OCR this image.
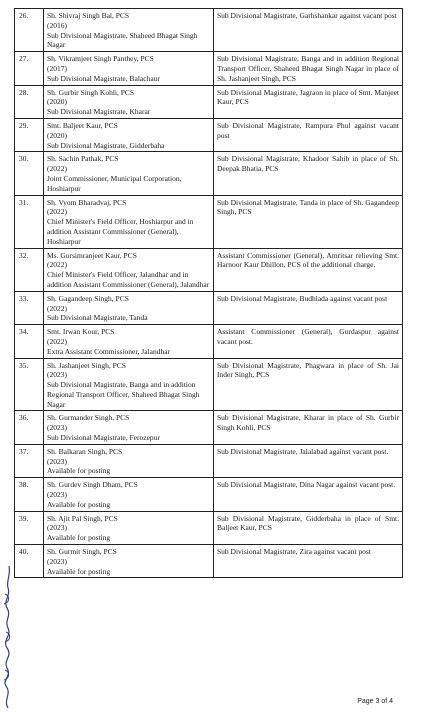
26.	Sh. Shivraj Singh Bal, PCS
(2016)
Sub Divisional Magistrate, Shaheed Bhagat Singh Nagar	Sub Divisional Magistrate, Garhshankar against vacant post
27.	Sh. Vikramjeet Singh Panthey, PCS
(2017)
Sub Divisional Magistrate, Balachaur	Sub Divisional Magistrate, Banga and in addition Regional Transport Officer, Shaheed Bhagat Singh Nagar in place of Sh. Jashanjeet Singh, PCS
28.	Sh. Gurbir Singh Kohli, PCS
(2020)
Sub Divisional Magistrate, Kharar	Sub Divisional Magistrate, Jagraon in place of Smt. Manjeet Kaur, PCS
29.	Smt. Baljeet Kaur, PCS
(2020)
Sub Divisional Magistrate, Gidderbaha	Sub Divisional Magistrate, Rampura Phul against vacant post
30.	Sh. Sachin Pathak, PCS
(2022)
Joint Commissioner, Municipal Corporation, Hoshiarpur	Sub Divisional Magistrate, Khadoor Sahib in place of Sh. Deepak Bhatia, PCS
31.	Sh. Vyom Bharadvaj, PCS
(2022)
Chief Minister's Field Officer, Hoshiarpur and in addition Assistant Commissioner (General), Hoshiarpur	Sub Divisional Magistrate, Tanda in place of Sh. Gagandeep Singh, PCS
32.	Ms. Gursimranjeet Kaur, PCS
(2022)
Chief Minister's Field Officer, Jalandhar and in addition Assistant Commissioner (General), Jalandhar	Assistant Commissioner (General), Amritsar relieving Smt. Harnoor Kaur Dhillon, PCS of the additional charge.
33.	Sh. Gagandeep Singh, PCS
(2022)
Sub Divisional Magistrate, Tanda	Sub Divisional Magistrate, Budhlada against vacant post
34.	Smt. Irwan Kour, PCS
(2022)
Extra Assistant Commissioner, Jalandhar	Assistant Commissioner (General), Gurdaspur against vacant post.
35.	Sh. Jashanjeet Singh, PCS
(2023)
Sub Divisional Magistrate, Banga and in addition Regional Transport Officer, Shaheed Bhagat Singh Nagar	Sub Divisional Magistrate, Phagwara in place of Sh. Jai Inder Singh, PCS
36.	Sh. Gurmander Singh, PCS
(2023)
Sub Divisional Magistrate, Ferozepur	Sub Divisional Magistrate, Kharar in place of Sh. Gurbir Singh Kohli, PCS
37.	Sh. Balkaran Singh, PCS
(2023)
Available for posting	Sub Divisional Magistrate, Jalalabad against vacant post.
38.	Sh. Gurdev Singh Dham, PCS
(2023)
Available for posting	Sub Divisional Magistrate, Dina Nagar against vacant post.
39.	Sh. Ajit Pal Singh, PCS
(2023)
Available for posting	Sub Divisional Magistrate, Gidderbaha in place of Smt. Baljeet Kaur, PCS
40.	Sh. Gurmit Singh, PCS
(2023)
Available for posting	Sub Divisional Magistrate, Zira against vacant post
Page 3 of 4
